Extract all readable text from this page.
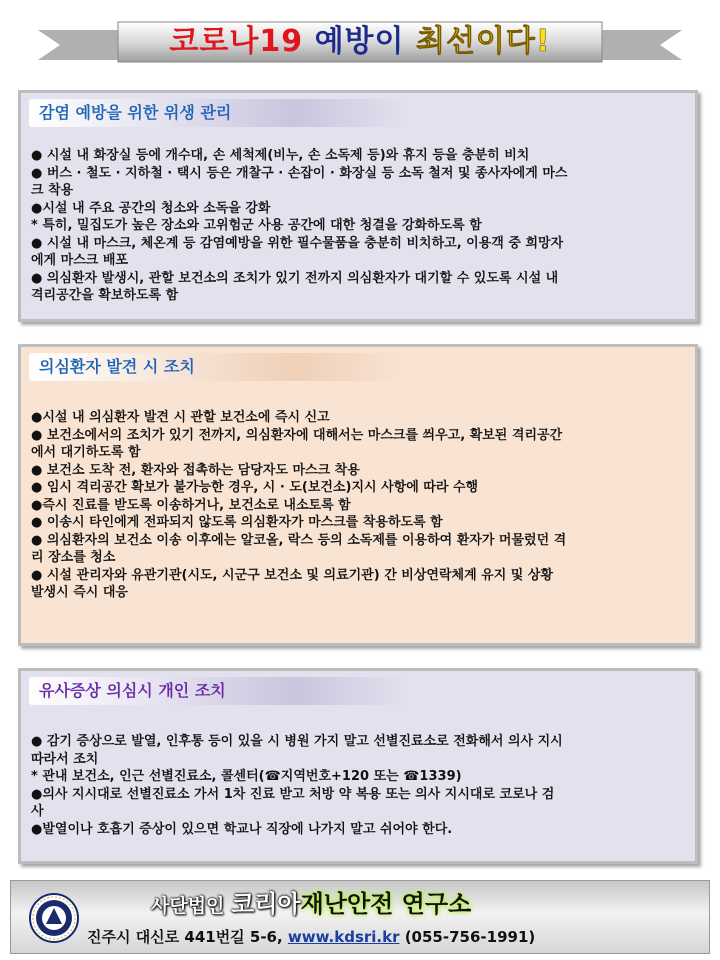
코로나19 예방이 최선이다!
감염 예방을 위한 위생 관리
● 시설 내 화장실 등에 개수대, 손 세척제(비누, 손 소독제 등)와 휴지 등을 충분히 비치
● 버스 · 철도 · 지하철 · 택시 등은 개찰구 · 손잡이 · 화장실 등 소독 철저 및 종사자에게 마스
크 착용
●시설 내 주요 공간의 청소와 소독을 강화
* 특히, 밀집도가 높은 장소와 고위험군 사용 공간에 대한 청결을 강화하도록 함
● 시설 내 마스크, 체온계 등 감염예방을 위한 필수물품을 충분히 비치하고, 이용객 중 희망자
에게 마스크 배포
● 의심환자 발생시, 관할 보건소의 조치가 있기 전까지 의심환자가 대기할 수 있도록 시설 내
격리공간을 확보하도록 함
의심환자 발견 시 조치
●시설 내 의심환자 발견 시 관할 보건소에 즉시 신고
● 보건소에서의 조치가 있기 전까지, 의심환자에 대해서는 마스크를 씌우고, 확보된 격리공간
에서 대기하도록 함
● 보건소 도착 전, 환자와 접촉하는 담당자도 마스크 착용
● 임시 격리공간 확보가 불가능한 경우, 시 · 도(보건소)지시 사항에 따라 수행
●즉시 진료를 받도록 이송하거나, 보건소로 내소토록 함
● 이송시 타인에게 전파되지 않도록 의심환자가 마스크를 착용하도록 함
● 의심환자의 보건소 이송 이후에는 알코올, 락스 등의 소독제를 이용하여 환자가 머물렀던 격
리 장소를 청소
● 시설 관리자와 유관기관(시도, 시군구 보건소 및 의료기관) 간 비상연락체계 유지 및 상황
발생시 즉시 대응
유사증상 의심시 개인 조치
● 감기 증상으로 발열, 인후통 등이 있을 시 병원 가지 말고 선별진료소로 전화해서 의사 지시
따라서 조치
* 관내 보건소, 인근 선별진료소, 콜센터(☎지역번호+120 또는 ☎1339)
●의사 지시대로 선별진료소 가서 1차 진료 받고 처방 약 복용 또는 의사 지시대로 코로나 검
사
●발열이나 호흡기 증상이 있으면 학교나 직장에 나가지 말고 쉬어야 한다.
사단법인 코리아재난안전 연구소
진주시 대신로 441번길 5-6, www.kdsri.kr (055-756-1991)
